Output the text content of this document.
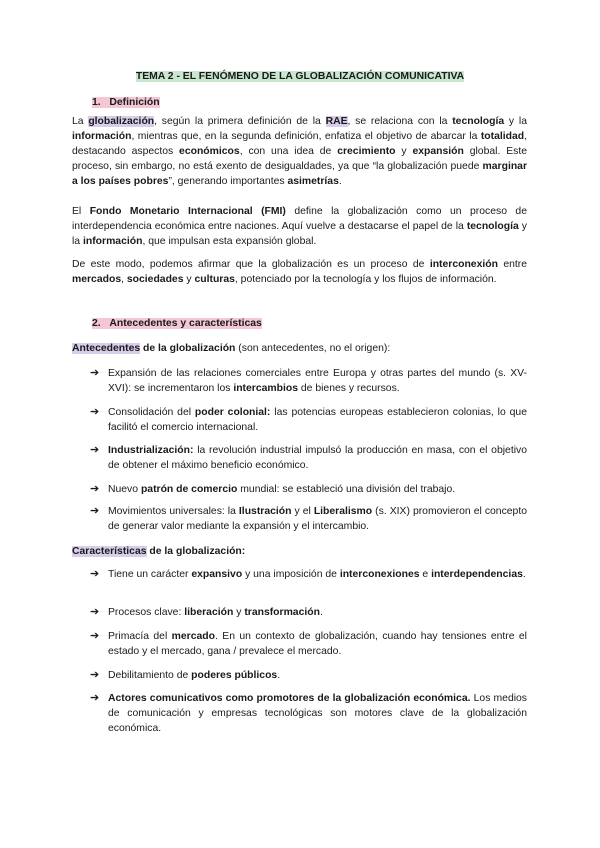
TEMA 2 - EL FENÓMENO DE LA GLOBALIZACIÓN COMUNICATIVA
1. Definición

La globalización, según la primera definición de la RAE, se relaciona con la tecnología y la información, mientras que, en la segunda definición, enfatiza el objetivo de abarcar la totalidad, destacando aspectos económicos, con una idea de crecimiento y expansión global. Este proceso, sin embargo, no está exento de desigualdades, ya que “la globalización puede marginar a los países pobres”, generando importantes asimetrías.

El Fondo Monetario Internacional (FMI) define la globalización como un proceso de interdependencia económica entre naciones. Aquí vuelve a destacarse el papel de la tecnología y la información, que impulsan esta expansión global.

De este modo, podemos afirmar que la globalización es un proceso de interconexión entre mercados, sociedades y culturas, potenciado por la tecnología y los flujos de información.

2. Antecedentes y características
Antecedentes de la globalización (son antecedentes, no el origen):
➔ Expansión de las relaciones comerciales entre Europa y otras partes del mundo (s. XV-XVI): se incrementaron los intercambios de bienes y recursos.
➔ Consolidación del poder colonial: las potencias europeas establecieron colonias, lo que facilitó el comercio internacional.
➔ Industrialización: la revolución industrial impulsó la producción en masa, con el objetivo de obtener el máximo beneficio económico.
➔ Nuevo patrón de comercio mundial: se estableció una división del trabajo.
➔ Movimientos universales: la Ilustración y el Liberalismo (s. XIX) promovieron el concepto de generar valor mediante la expansión y el intercambio.
Características de la globalización:
➔ Tiene un carácter expansivo y una imposición de interconexiones e interdependencias.
➔ Procesos clave: liberación y transformación.
➔ Primacía del mercado. En un contexto de globalización, cuando hay tensiones entre el estado y el mercado, gana / prevalece el mercado.
➔ Debilitamiento de poderes públicos.
➔ Actores comunicativos como promotores de la globalización económica. Los medios de comunicación y empresas tecnológicas son motores clave de la globalización económica.
